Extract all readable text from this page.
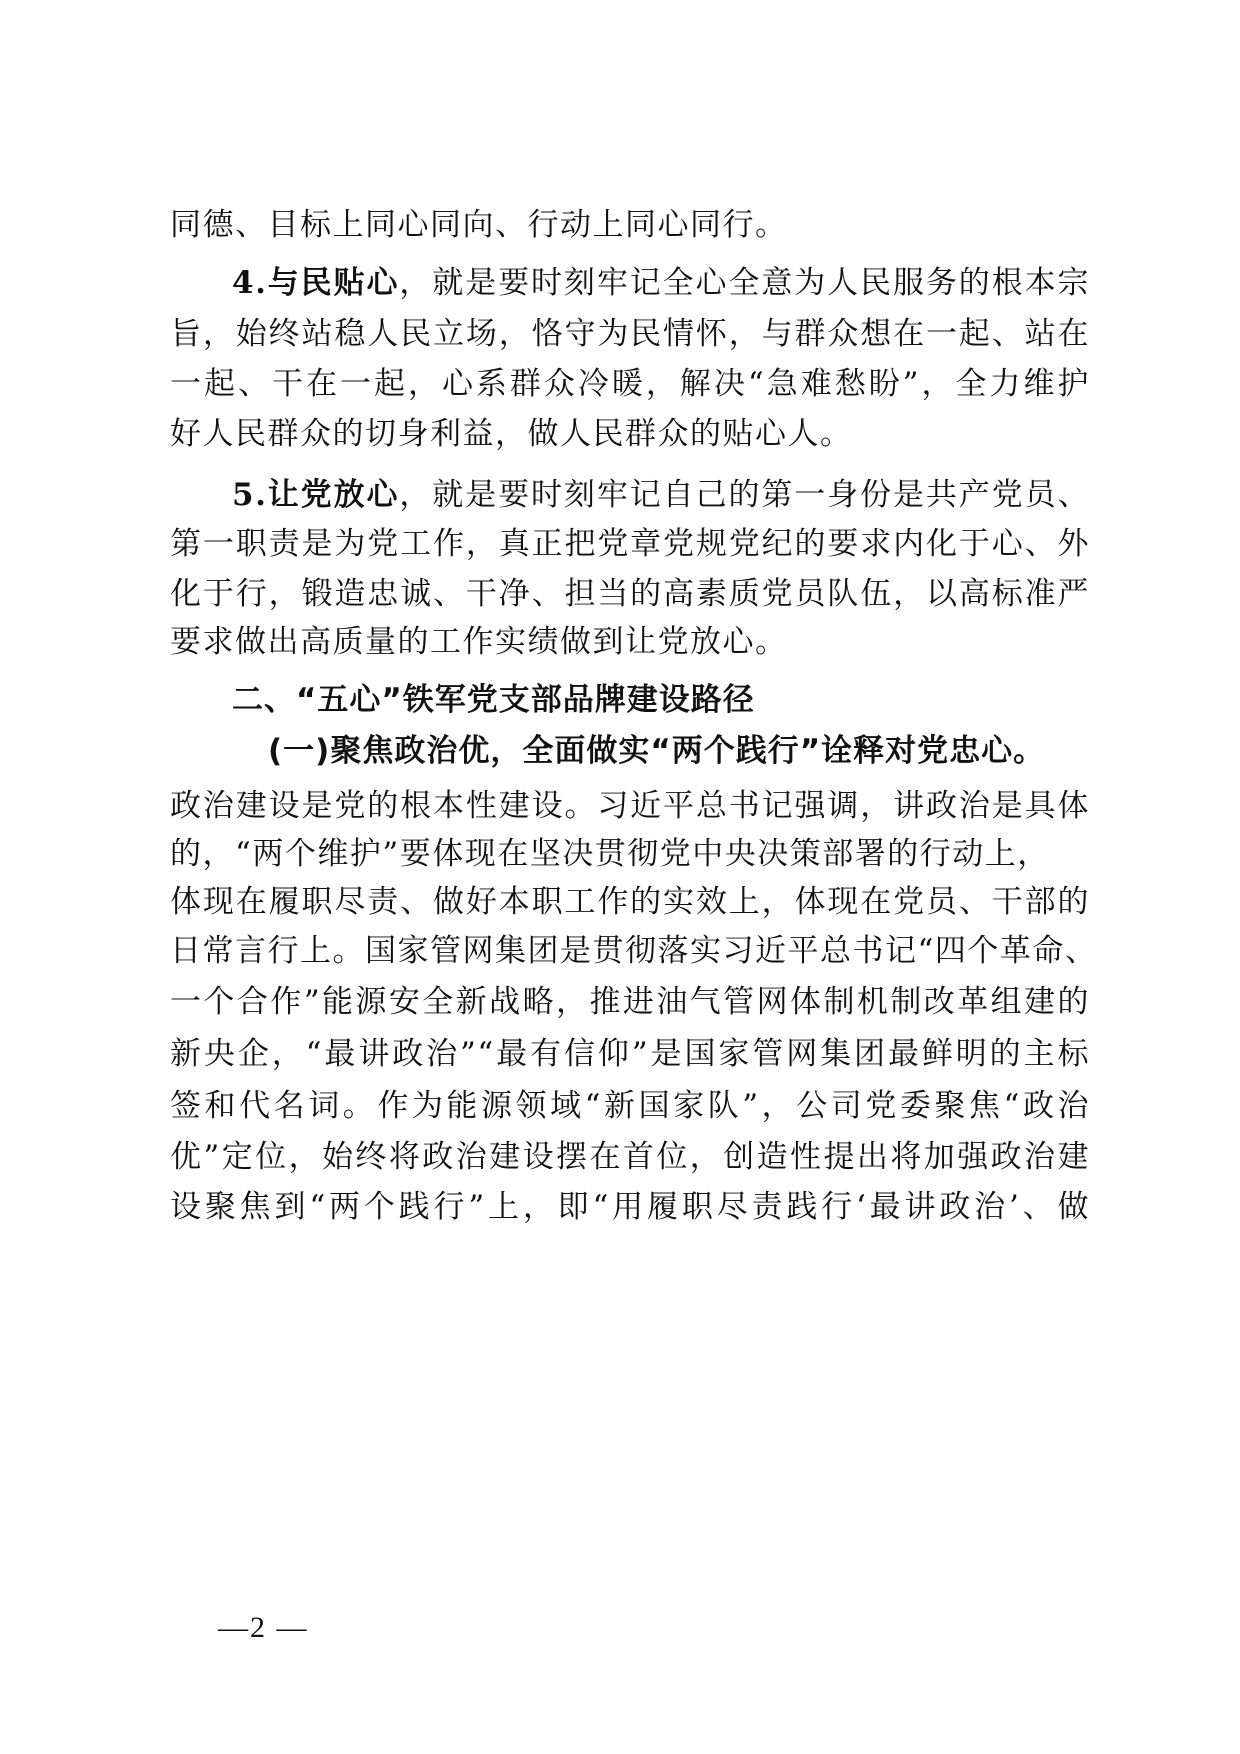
同德、目标上同心同向、行动上同心同行。
4.与民贴心，就是要时刻牢记全心全意为人民服务的根本宗
旨，始终站稳人民立场，恪守为民情怀，与群众想在一起、站在
一起、干在一起，心系群众冷暖，解决“急难愁盼”，全力维护
好人民群众的切身利益，做人民群众的贴心人。
5.让党放心，就是要时刻牢记自己的第一身份是共产党员、
第一职责是为党工作，真正把党章党规党纪的要求内化于心、外
化于行，锻造忠诚、干净、担当的高素质党员队伍，以高标准严
要求做出高质量的工作实绩做到让党放心。
二、“五心”铁军党支部品牌建设路径
(一)聚焦政治优，全面做实“两个践行”诠释对党忠心。
政治建设是党的根本性建设。习近平总书记强调，讲政治是具体
的，“两个维护”要体现在坚决贯彻党中央决策部署的行动上，
体现在履职尽责、做好本职工作的实效上，体现在党员、干部的
日常言行上。国家管网集团是贯彻落实习近平总书记“四个革命、
一个合作”能源安全新战略，推进油气管网体制机制改革组建的
新央企，“最讲政治”“最有信仰”是国家管网集团最鲜明的主标
签和代名词。作为能源领域“新国家队”，公司党委聚焦“政治
优”定位，始终将政治建设摆在首位，创造性提出将加强政治建
设聚焦到“两个践行”上，即“用履职尽责践行‘最讲政治’、做
—2 —
